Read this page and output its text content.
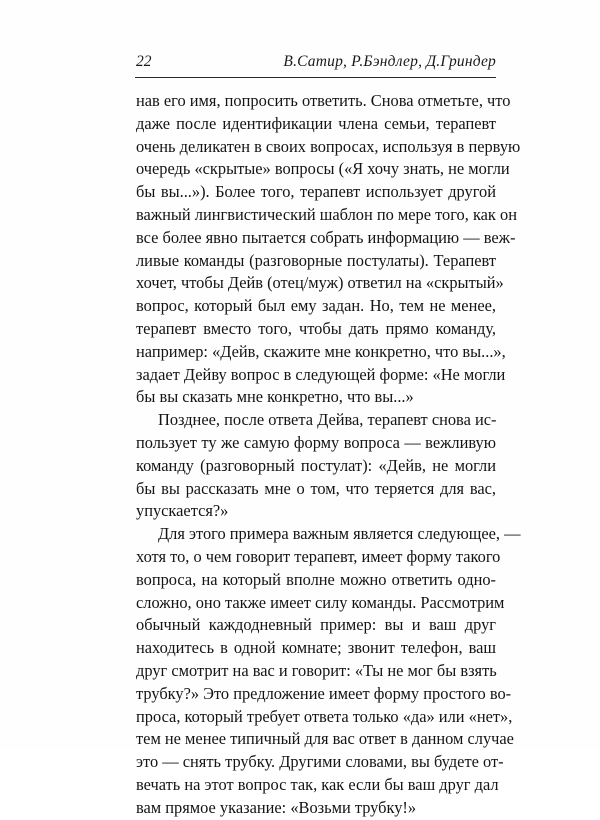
22	В.Сатир, Р.Бэндлер, Д.Гриндер
нав его имя, попросить ответить. Снова отметьте, что
даже после идентификации члена семьи, терапевт
очень деликатен в своих вопросах, используя в первую
очередь «скрытые» вопросы («Я хочу знать, не могли
бы вы...»). Более того, терапевт использует другой
важный лингвистический шаблон по мере того, как он
все более явно пытается собрать информацию — веж-
ливые команды (разговорные постулаты). Терапевт
хочет, чтобы Дейв (отец/муж) ответил на «скрытый»
вопрос, который был ему задан. Но, тем не менее,
терапевт вместо того, чтобы дать прямо команду,
например: «Дейв, скажите мне конкретно, что вы...»,
задает Дейву вопрос в следующей форме: «Не могли
бы вы сказать мне конкретно, что вы...»
Позднее, после ответа Дейва, терапевт снова ис-
пользует ту же самую форму вопроса — вежливую
команду (разговорный постулат): «Дейв, не могли
бы вы рассказать мне о том, что теряется для вас,
упускается?»
Для этого примера важным является следующее, —
хотя то, о чем говорит терапевт, имеет форму такого
вопроса, на который вполне можно ответить одно-
сложно, оно также имеет силу команды. Рассмотрим
обычный каждодневный пример: вы и ваш друг
находитесь в одной комнате; звонит телефон, ваш
друг смотрит на вас и говорит: «Ты не мог бы взять
трубку?» Это предложение имеет форму простого во-
проса, который требует ответа только «да» или «нет»,
тем не менее типичный для вас ответ в данном случае
это — снять трубку. Другими словами, вы будете от-
вечать на этот вопрос так, как если бы ваш друг дал
вам прямое указание: «Возьми трубку!»
